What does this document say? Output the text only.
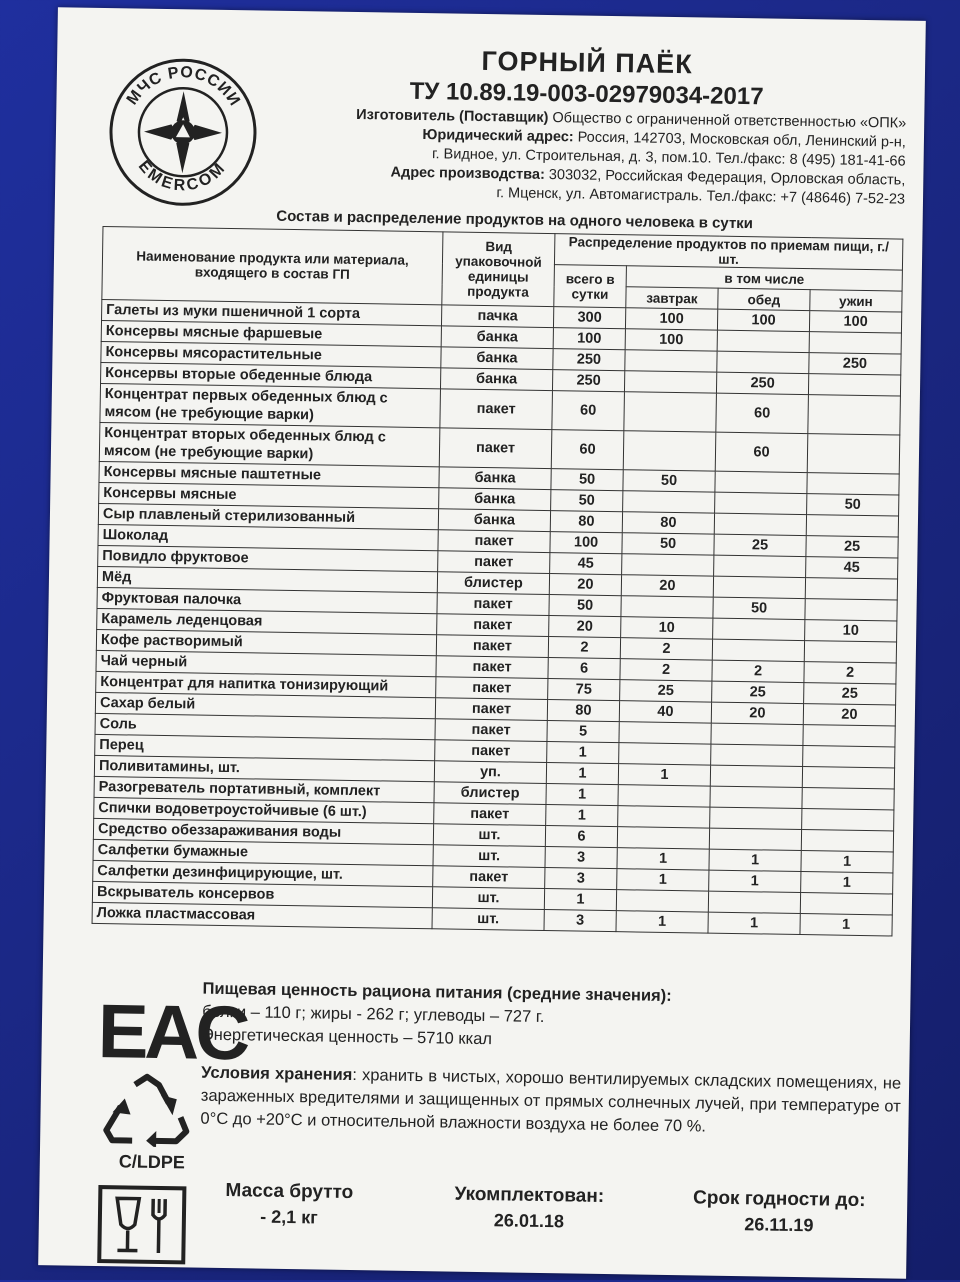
МЧС РОССИИ
EMERCOM

ГОРНЫЙ ПАЁК

ТУ 10.89.19-003-02979034-2017

Изготовитель (Поставщик) Общество с ограниченной ответственностью «ОПК»

Юридический адрес: Россия, 142703, Московская обл, Ленинский р-н,

г. Видное, ул. Строительная, д. 3, пом.10. Тел./факс: 8 (495) 181-41-66

Адрес производства: 303032, Российская Федерация, Орловская область,

г. Мценск, ул. Автомагистраль. Тел./факс: +7 (48646) 7-52-23

Состав и распределение продуктов на одного человека в сутки
Наименование продукта или материала, входящего в состав ГП	Вид упаковочной единицы продукта	Распределение продуктов по приемам пищи, г./шт.			
		всего в сутки	в том числе		
			завтрак	обед	ужин
Галеты из муки пшеничной 1 сорта	пачка	300	100	100	100
Консервы мясные фаршевые	банка	100	100		
Консервы мясорастительные	банка	250			250
Консервы вторые обеденные блюда	банка	250		250	
Концентрат первых обеденных блюд с мясом (не требующие варки)	пакет	60		60	
Концентрат вторых обеденных блюд с мясом (не требующие варки)	пакет	60		60	
Консервы мясные паштетные	банка	50	50		
Консервы мясные	банка	50			50
Сыр плавленый стерилизованный	банка	80	80		
Шоколад	пакет	100	50	25	25
Повидло фруктовое	пакет	45			45
Мёд	блистер	20	20		
Фруктовая палочка	пакет	50		50	
Карамель леденцовая	пакет	20	10		10
Кофе растворимый	пакет	2	2		
Чай черный	пакет	6	2	2	2
Концентрат для напитка тонизирующий	пакет	75	25	25	25
Сахар белый	пакет	80	40	20	20
Соль	пакет	5			
Перец	пакет	1			
Поливитамины, шт.	уп.	1	1		
Разогреватель портативный, комплект	блистер	1			
Спички водоветроустойчивые (6 шт.)	пакет	1			
Средство обеззараживания воды	шт.	6			
Салфетки бумажные	шт.	3	1	1	1
Салфетки дезинфицирующие, шт.	пакет	3	1	1	1
Вскрыватель консервов	шт.	1			
Ложка пластмассовая	шт.	3	1	1	1

EAC

C/LDPE

Пищевая ценность рациона питания (средние значения):

белки – 110 г; жиры - 262 г; углеводы – 727 г.

Энергетическая ценность – 5710 ккал

Условия хранения: хранить в чистых, хорошо вентилируемых складских помещениях, не зараженных вредителями и защищенных от прямых солнечных лучей, при температуре от 0°С до +20°С и относительной влажности воздуха не более 70 %.
Масса брутто
- 2,1 кг
Укомплектован:
26.01.18
Срок годности до:
26.11.19
